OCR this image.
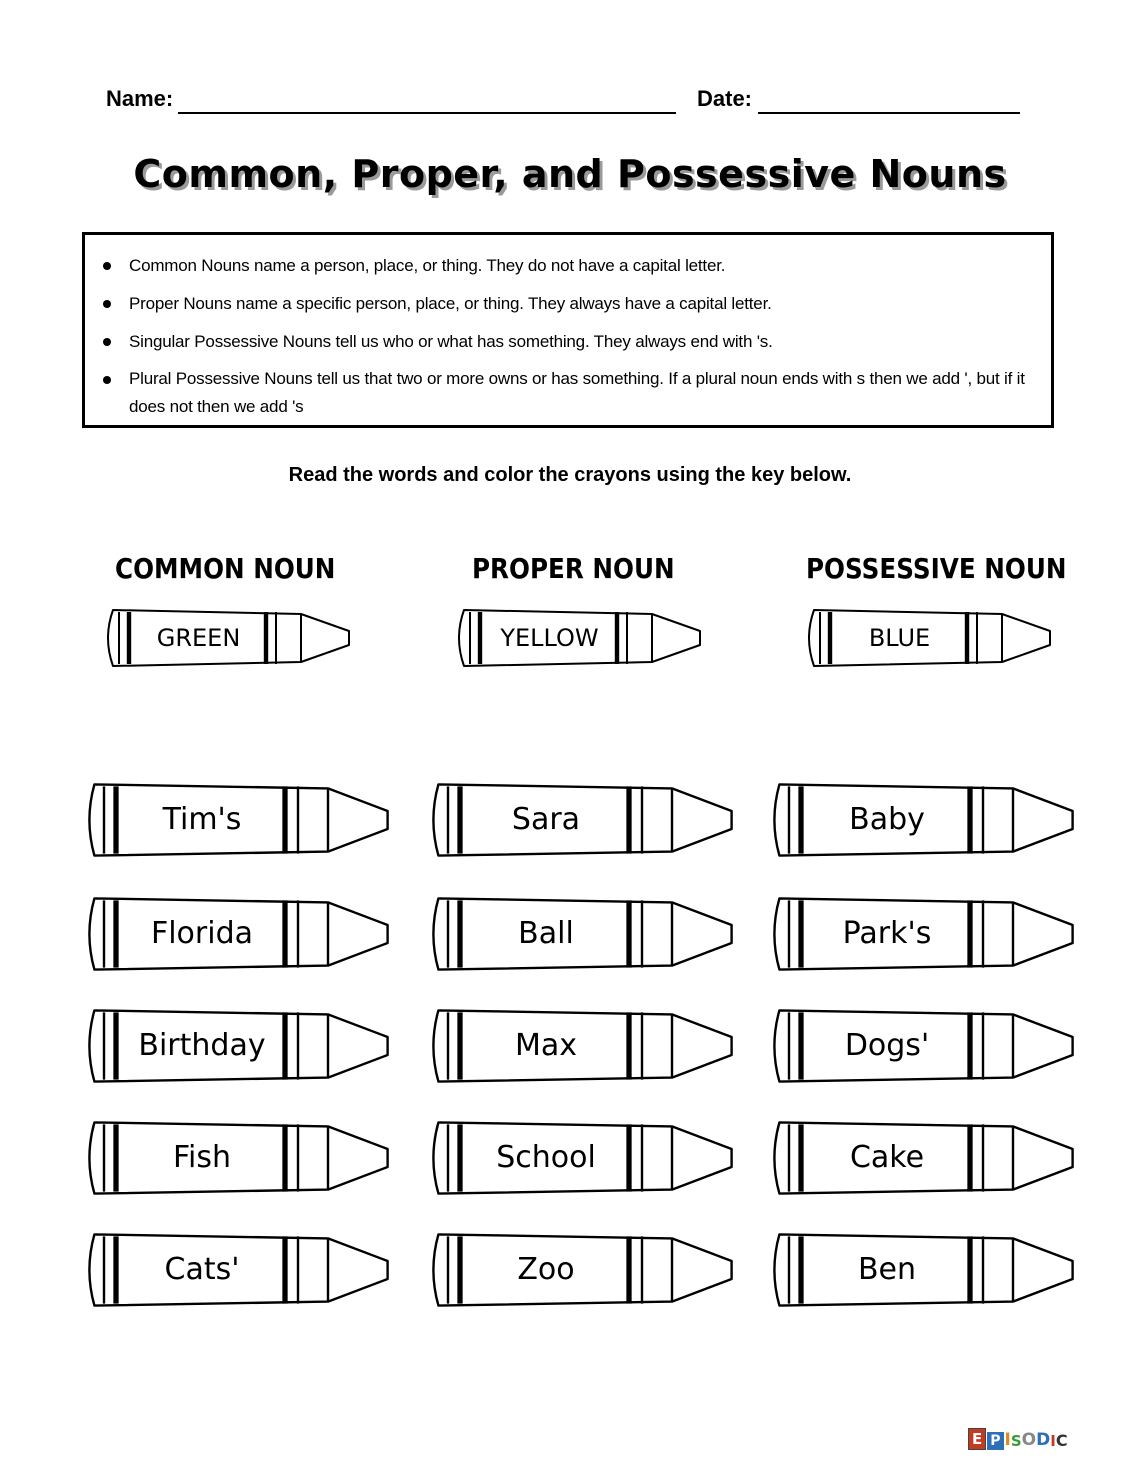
Name:	Date:
Common, Proper, and Possessive Nouns
Common Nouns name a person, place, or thing. They do not have a capital letter.
Proper Nouns name a specific person, place, or thing. They always have a capital letter.
Singular Possessive Nouns tell us who or what has something. They always end with 's.
Plural Possessive Nouns tell us that two or more owns or has something. If a plural noun ends with s then we add ', but if it does not then we add 's
Read the words and color the crayons using the key below.
COMMON NOUN	PROPER NOUN	POSSESSIVE NOUN
GREEN	YELLOW	BLUE
Tim's	Sara	Baby
Florida	Ball	Park's
Birthday	Max	Dogs'
Fish	School	Cake
Cats'	Zoo	Ben
E P I S O D I C
